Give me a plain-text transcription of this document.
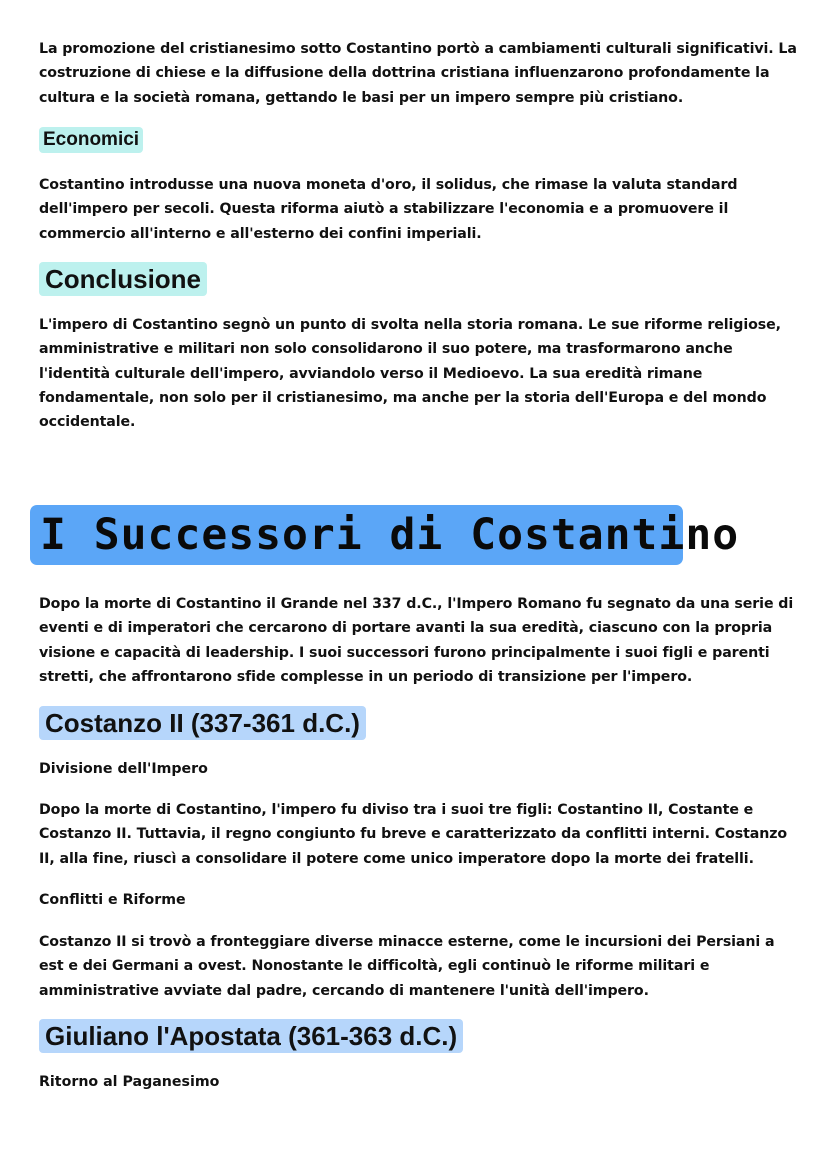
La promozione del cristianesimo sotto Costantino portò a cambiamenti culturali significativi. La costruzione di chiese e la diffusione della dottrina cristiana influenzarono profondamente la cultura e la società romana, gettando le basi per un impero sempre più cristiano.

Economici

Costantino introdusse una nuova moneta d'oro, il solidus, che rimase la valuta standard dell'impero per secoli. Questa riforma aiutò a stabilizzare l'economia e a promuovere il commercio all'interno e all'esterno dei confini imperiali.

Conclusione

L'impero di Costantino segnò un punto di svolta nella storia romana. Le sue riforme religiose, amministrative e militari non solo consolidarono il suo potere, ma trasformarono anche l'identità culturale dell'impero, avviandolo verso il Medioevo. La sua eredità rimane fondamentale, non solo per il cristianesimo, ma anche per la storia dell'Europa e del mondo occidentale.

I Successori di Costantino

Dopo la morte di Costantino il Grande nel 337 d.C., l'Impero Romano fu segnato da una serie di eventi e di imperatori che cercarono di portare avanti la sua eredità, ciascuno con la propria visione e capacità di leadership. I suoi successori furono principalmente i suoi figli e parenti stretti, che affrontarono sfide complesse in un periodo di transizione per l'impero.

Costanzo II (337-361 d.C.)

Divisione dell'Impero

Dopo la morte di Costantino, l'impero fu diviso tra i suoi tre figli: Costantino II, Costante e Costanzo II. Tuttavia, il regno congiunto fu breve e caratterizzato da conflitti interni. Costanzo II, alla fine, riuscì a consolidare il potere come unico imperatore dopo la morte dei fratelli.

Conflitti e Riforme

Costanzo II si trovò a fronteggiare diverse minacce esterne, come le incursioni dei Persiani a est e dei Germani a ovest. Nonostante le difficoltà, egli continuò le riforme militari e amministrative avviate dal padre, cercando di mantenere l'unità dell'impero.

Giuliano l'Apostata (361-363 d.C.)

Ritorno al Paganesimo
